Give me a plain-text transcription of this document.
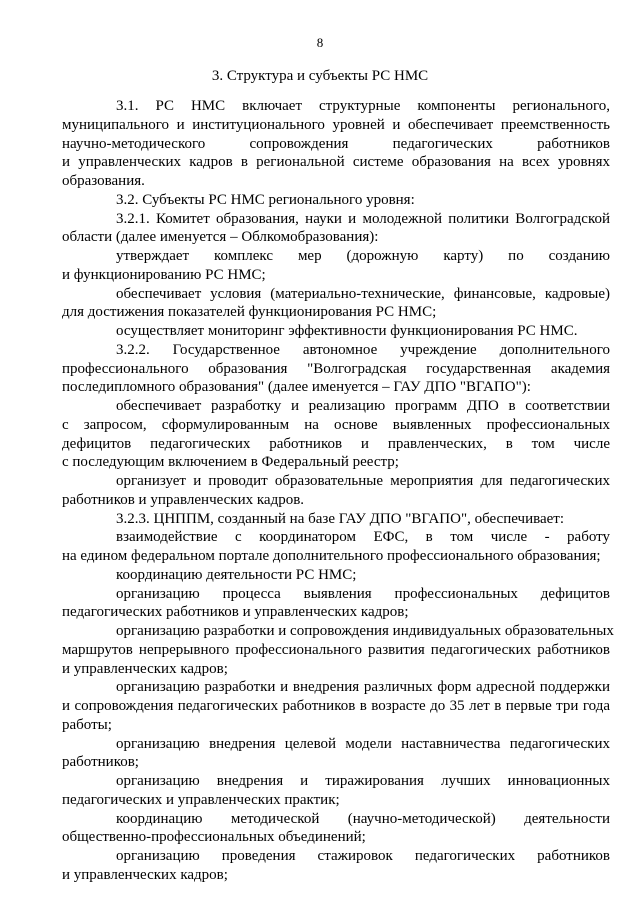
8
3. Структура и субъекты РС НМС
3.1. РС НМС включает структурные компоненты регионального,
муниципального и институционального уровней и обеспечивает преемственность
научно-методического сопровождения педагогических работников
и управленческих кадров в региональной системе образования на всех уровнях
образования.
3.2. Субъекты РС НМС регионального уровня:
3.2.1. Комитет образования, науки и молодежной политики Волгоградской
области (далее именуется – Облкомобразования):
утверждает комплекс мер (дорожную карту) по созданию
и функционированию РС НМС;
обеспечивает условия (материально-технические, финансовые, кадровые)
для достижения показателей функционирования РС НМС;
осуществляет мониторинг эффективности функционирования РС НМС.
3.2.2. Государственное автономное учреждение дополнительного
профессионального образования "Волгоградская государственная академия
последипломного образования" (далее именуется – ГАУ ДПО "ВГАПО"):
обеспечивает разработку и реализацию программ ДПО в соответствии
с запросом, сформулированным на основе выявленных профессиональных
дефицитов педагогических работников и правленческих, в том числе
с последующим включением в Федеральный реестр;
организует и проводит образовательные мероприятия для педагогических
работников и управленческих кадров.
3.2.3. ЦНППМ, созданный на базе ГАУ ДПО "ВГАПО", обеспечивает:
взаимодействие с координатором ЕФС, в том числе - работу
на едином федеральном портале дополнительного профессионального образования;
координацию деятельности РС НМС;
организацию процесса выявления профессиональных дефицитов
педагогических работников и управленческих кадров;
организацию разработки и сопровождения индивидуальных образовательных
маршрутов непрерывного профессионального развития педагогических работников
и управленческих кадров;
организацию разработки и внедрения различных форм адресной поддержки
и сопровождения педагогических работников в возрасте до 35 лет в первые три года
работы;
организацию внедрения целевой модели наставничества педагогических
работников;
организацию внедрения и тиражирования лучших инновационных
педагогических и управленческих практик;
координацию методической (научно-методической) деятельности
общественно-профессиональных объединений;
организацию проведения стажировок педагогических работников
и управленческих кадров;
